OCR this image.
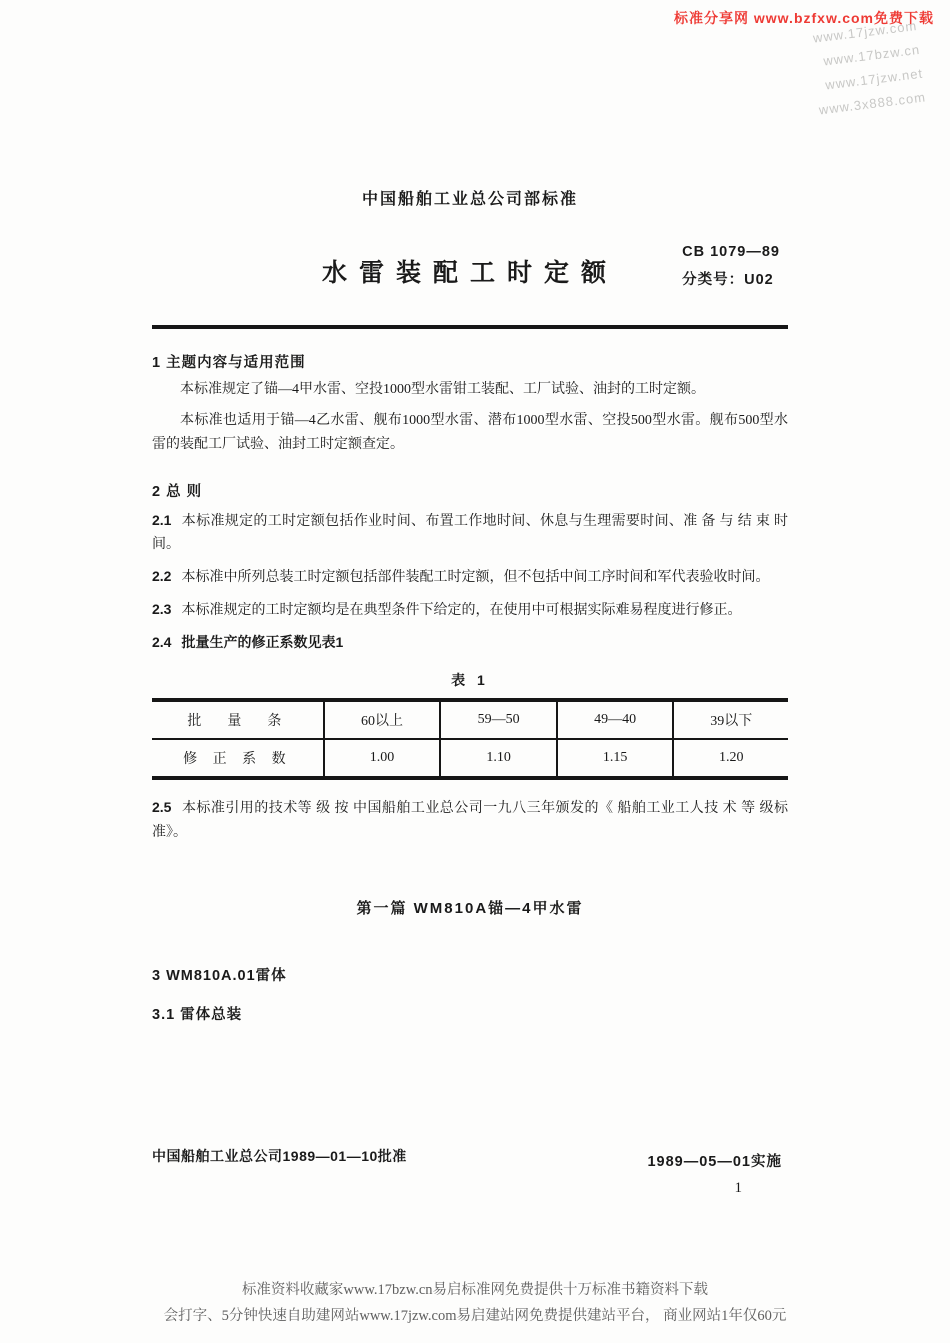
标准分享网 www.bzfxw.com免费下载
www.17jzw.com
www.17bzw.cn
www.17jzw.net
www.3x888.com
中国船舶工业总公司部标准
水雷装配工时定额
CB 1079—89
分类号：U02
1 主题内容与适用范围

本标准规定了锚—4甲水雷、空投1000型水雷钳工装配、工厂试验、油封的工时定额。

本标准也适用于锚—4乙水雷、舰布1000型水雷、潜布1000型水雷、空投500型水雷。舰布500型水雷的装配工厂试验、油封工时定额查定。

2 总 则

2.1 本标准规定的工时定额包括作业时间、布置工作地时间、休息与生理需要时间、准 备 与 结 束 时间。

2.2 本标准中所列总装工时定额包括部件装配工时定额，但不包括中间工序时间和军代表验收时间。

2.3 本标准规定的工时定额均是在典型条件下给定的，在使用中可根据实际难易程度进行修正。

2.4 批量生产的修正系数见表1

表 1
批　量　条	60以上	59—50	49—40	39以下
修 正 系 数	1.00	1.10	1.15	1.20

2.5 本标准引用的技术等 级 按 中国船舶工业总公司一九八三年颁发的《 船舶工业工人技 术 等 级标准》。

第一篇 WM810A锚—4甲水雷
3 WM810A.01雷体
3.1 雷体总装
中国船舶工业总公司1989—01—10批准	1989—05—01实施
1
标准资料收藏家www.17bzw.cn易启标准网免费提供十万标准书籍资料下载
会打字、5分钟快速自助建网站www.17jzw.com易启建站网免费提供建站平台， 商业网站1年仅60元
